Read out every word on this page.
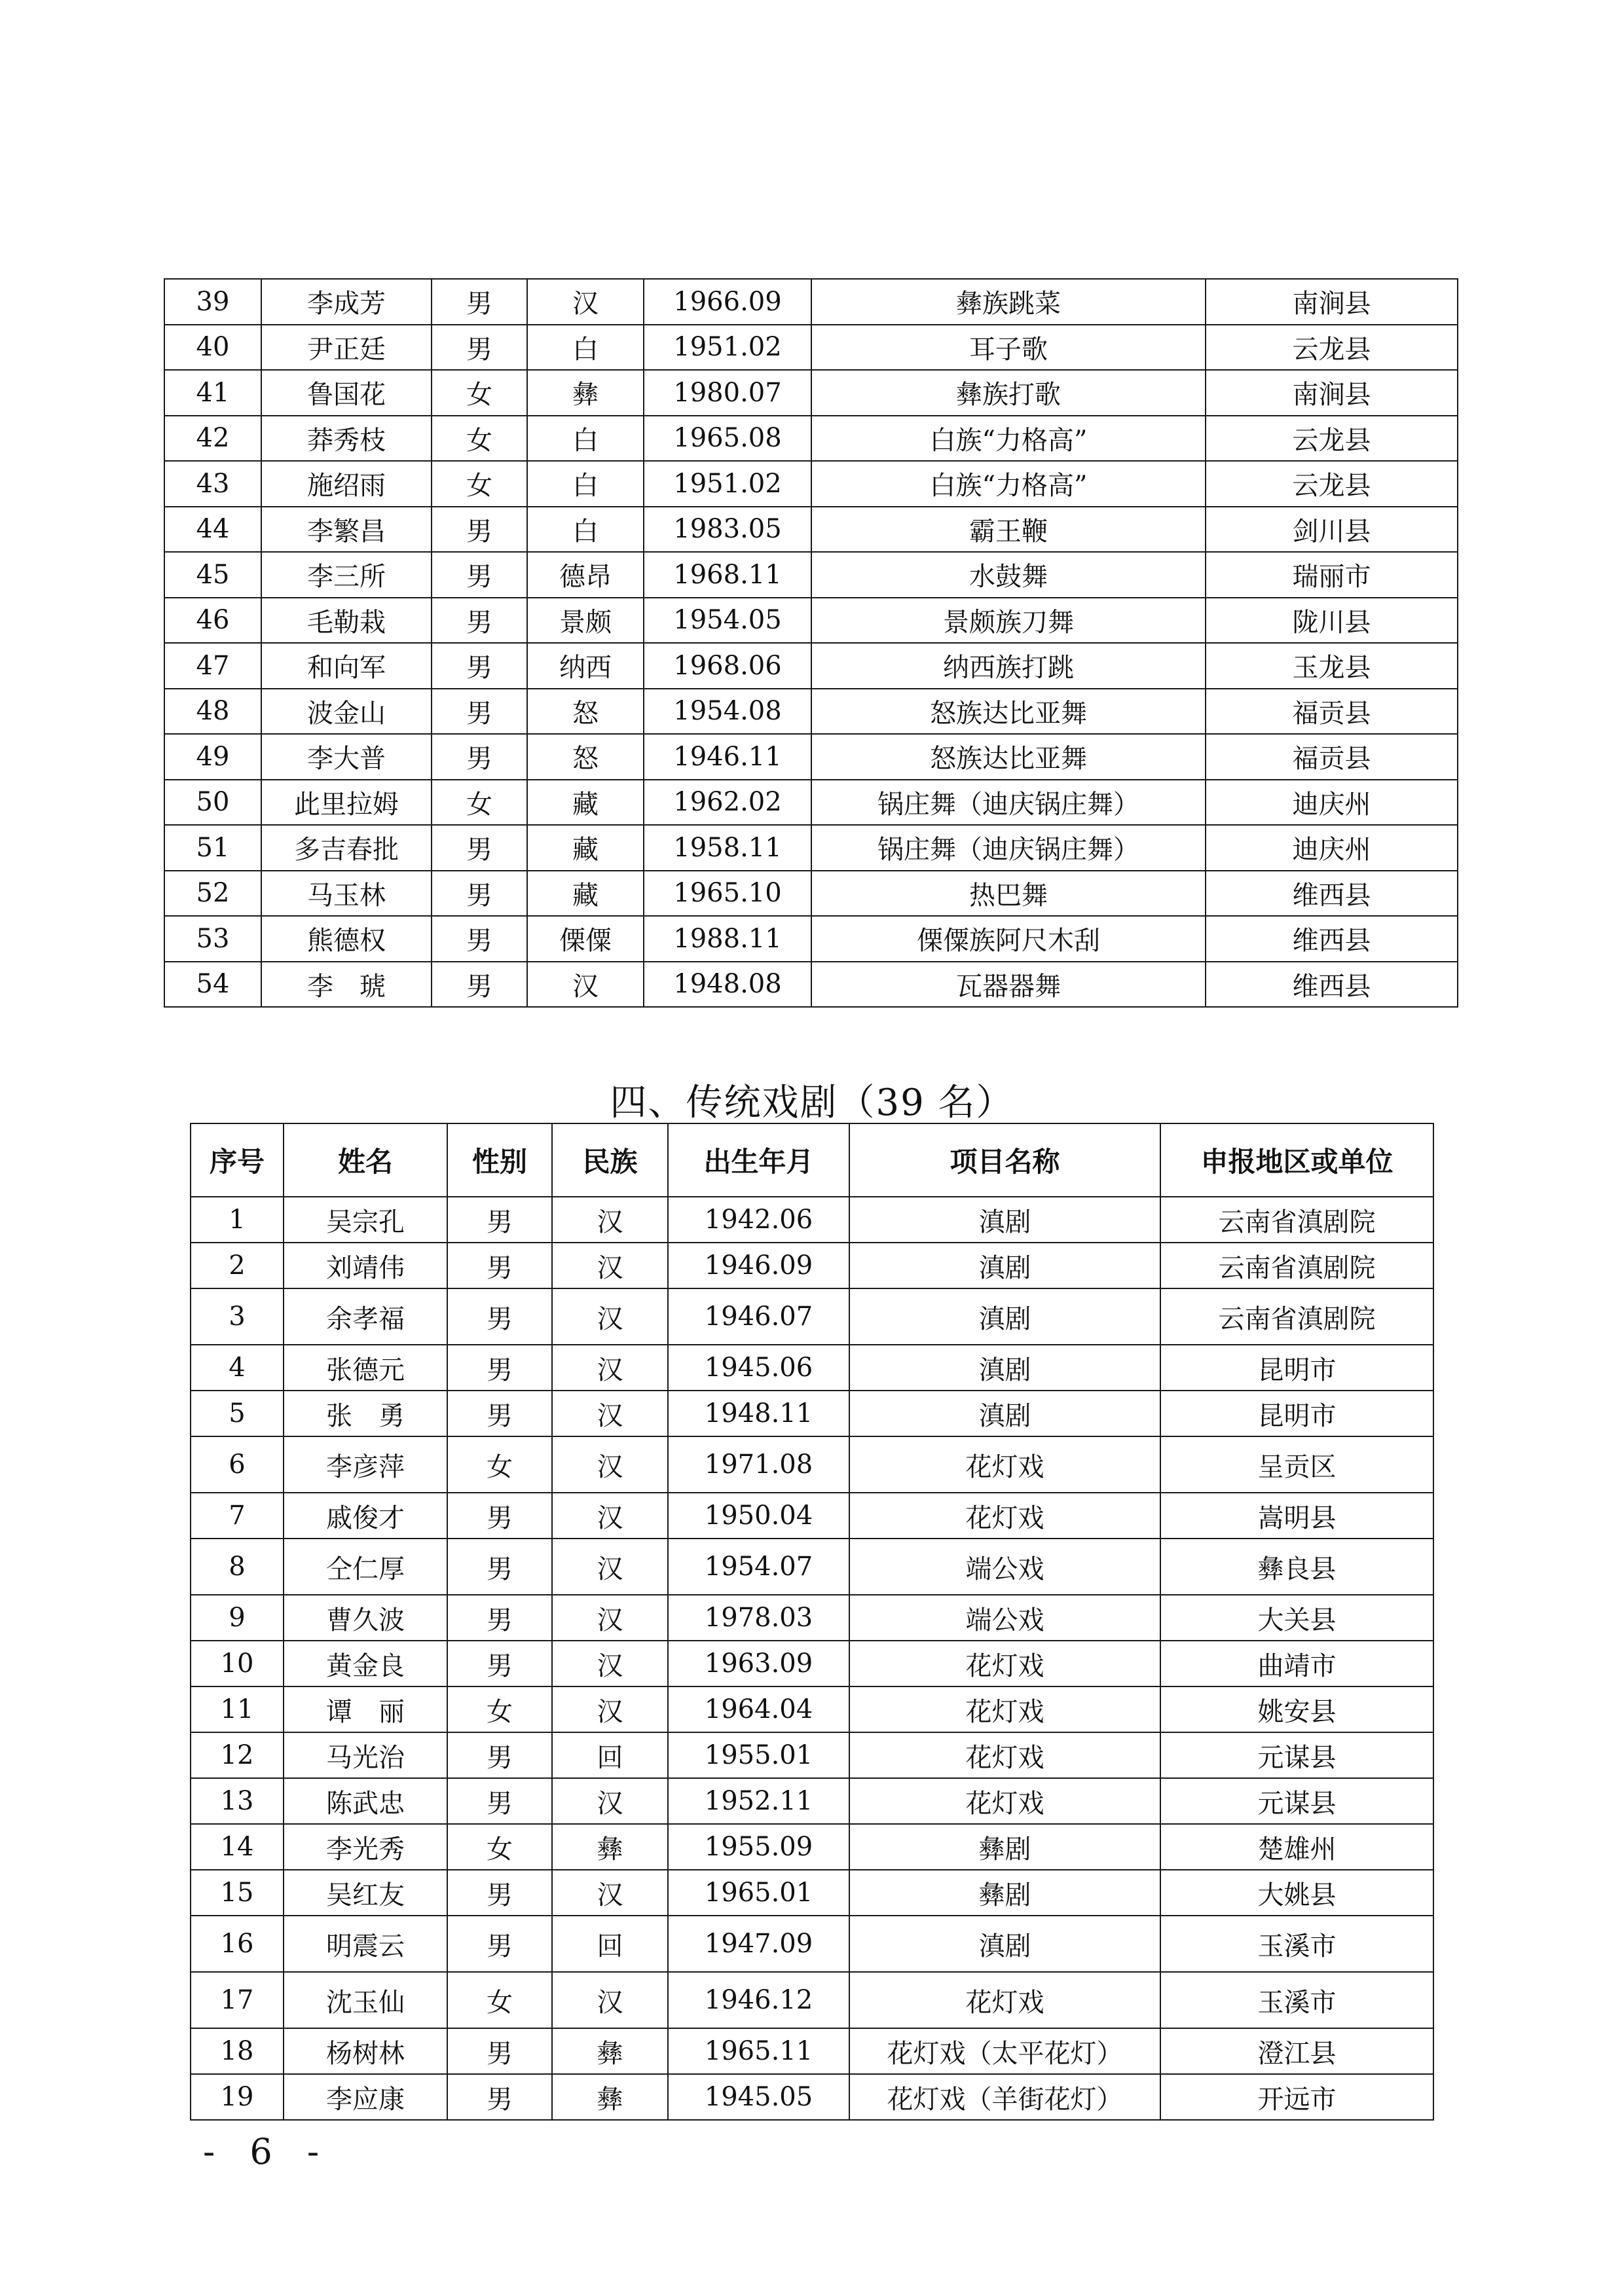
39	李成芳	男	汉	1966.09	彝族跳菜	南涧县
40	尹正廷	男	白	1951.02	耳子歌	云龙县
41	鲁国花	女	彝	1980.07	彝族打歌	南涧县
42	莽秀枝	女	白	1965.08	白族“力格高”	云龙县
43	施绍雨	女	白	1951.02	白族“力格高”	云龙县
44	李繁昌	男	白	1983.05	霸王鞭	剑川县
45	李三所	男	德昂	1968.11	水鼓舞	瑞丽市
46	毛勒栽	男	景颇	1954.05	景颇族刀舞	陇川县
47	和向军	男	纳西	1968.06	纳西族打跳	玉龙县
48	波金山	男	怒	1954.08	怒族达比亚舞	福贡县
49	李大普	男	怒	1946.11	怒族达比亚舞	福贡县
50	此里拉姆	女	藏	1962.02	锅庄舞（迪庆锅庄舞）	迪庆州
51	多吉春批	男	藏	1958.11	锅庄舞（迪庆锅庄舞）	迪庆州
52	马玉林	男	藏	1965.10	热巴舞	维西县
53	熊德权	男	傈僳	1988.11	傈僳族阿尺木刮	维西县
54	李　琥	男	汉	1948.08	瓦器器舞	维西县
四、传统戏剧（39 名）
序号	姓名	性别	民族	出生年月	项目名称	申报地区或单位
1	吴宗孔	男	汉	1942.06	滇剧	云南省滇剧院
2	刘靖伟	男	汉	1946.09	滇剧	云南省滇剧院
3	余孝福	男	汉	1946.07	滇剧	云南省滇剧院
4	张德元	男	汉	1945.06	滇剧	昆明市
5	张　勇	男	汉	1948.11	滇剧	昆明市
6	李彦萍	女	汉	1971.08	花灯戏	呈贡区
7	戚俊才	男	汉	1950.04	花灯戏	嵩明县
8	仝仁厚	男	汉	1954.07	端公戏	彝良县
9	曹久波	男	汉	1978.03	端公戏	大关县
10	黄金良	男	汉	1963.09	花灯戏	曲靖市
11	谭　丽	女	汉	1964.04	花灯戏	姚安县
12	马光治	男	回	1955.01	花灯戏	元谋县
13	陈武忠	男	汉	1952.11	花灯戏	元谋县
14	李光秀	女	彝	1955.09	彝剧	楚雄州
15	吴红友	男	汉	1965.01	彝剧	大姚县
16	明震云	男	回	1947.09	滇剧	玉溪市
17	沈玉仙	女	汉	1946.12	花灯戏	玉溪市
18	杨树林	男	彝	1965.11	花灯戏（太平花灯）	澄江县
19	李应康	男	彝	1945.05	花灯戏（羊街花灯）	开远市
- 6 -
